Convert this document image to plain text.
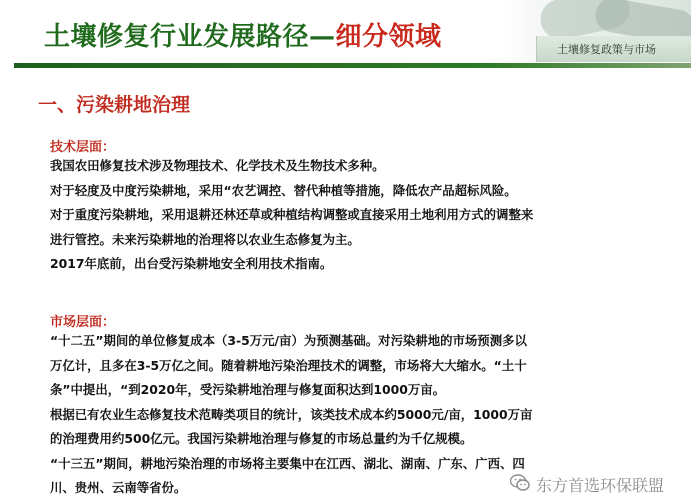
土壤修复行业发展路径—细分领域	土壤修复政策与市场
一、污染耕地治理
技术层面：
我国农田修复技术涉及物理技术、化学技术及生物技术多种。
对于轻度及中度污染耕地，采用“农艺调控、替代种植等措施，降低农产品超标风险。
对于重度污染耕地，采用退耕还林还草或种植结构调整或直接采用土地利用方式的调整来
进行管控。未来污染耕地的治理将以农业生态修复为主。
2017年底前，出台受污染耕地安全利用技术指南。
市场层面：
“十二五”期间的单位修复成本（3-5万元/亩）为预测基础。对污染耕地的市场预测多以
万亿计，且多在3-5万亿之间。随着耕地污染治理技术的调整，市场将大大缩水。“土十
条”中提出，“到2020年，受污染耕地治理与修复面积达到1000万亩。
根据已有农业生态修复技术范畴类项目的统计，该类技术成本约5000元/亩，1000万亩
的治理费用约500亿元。我国污染耕地治理与修复的市场总量约为千亿规模。
“十三五”期间，耕地污染治理的市场将主要集中在江西、湖北、湖南、广东、广西、四
川、贵州、云南等省份。	东方首选环保联盟
